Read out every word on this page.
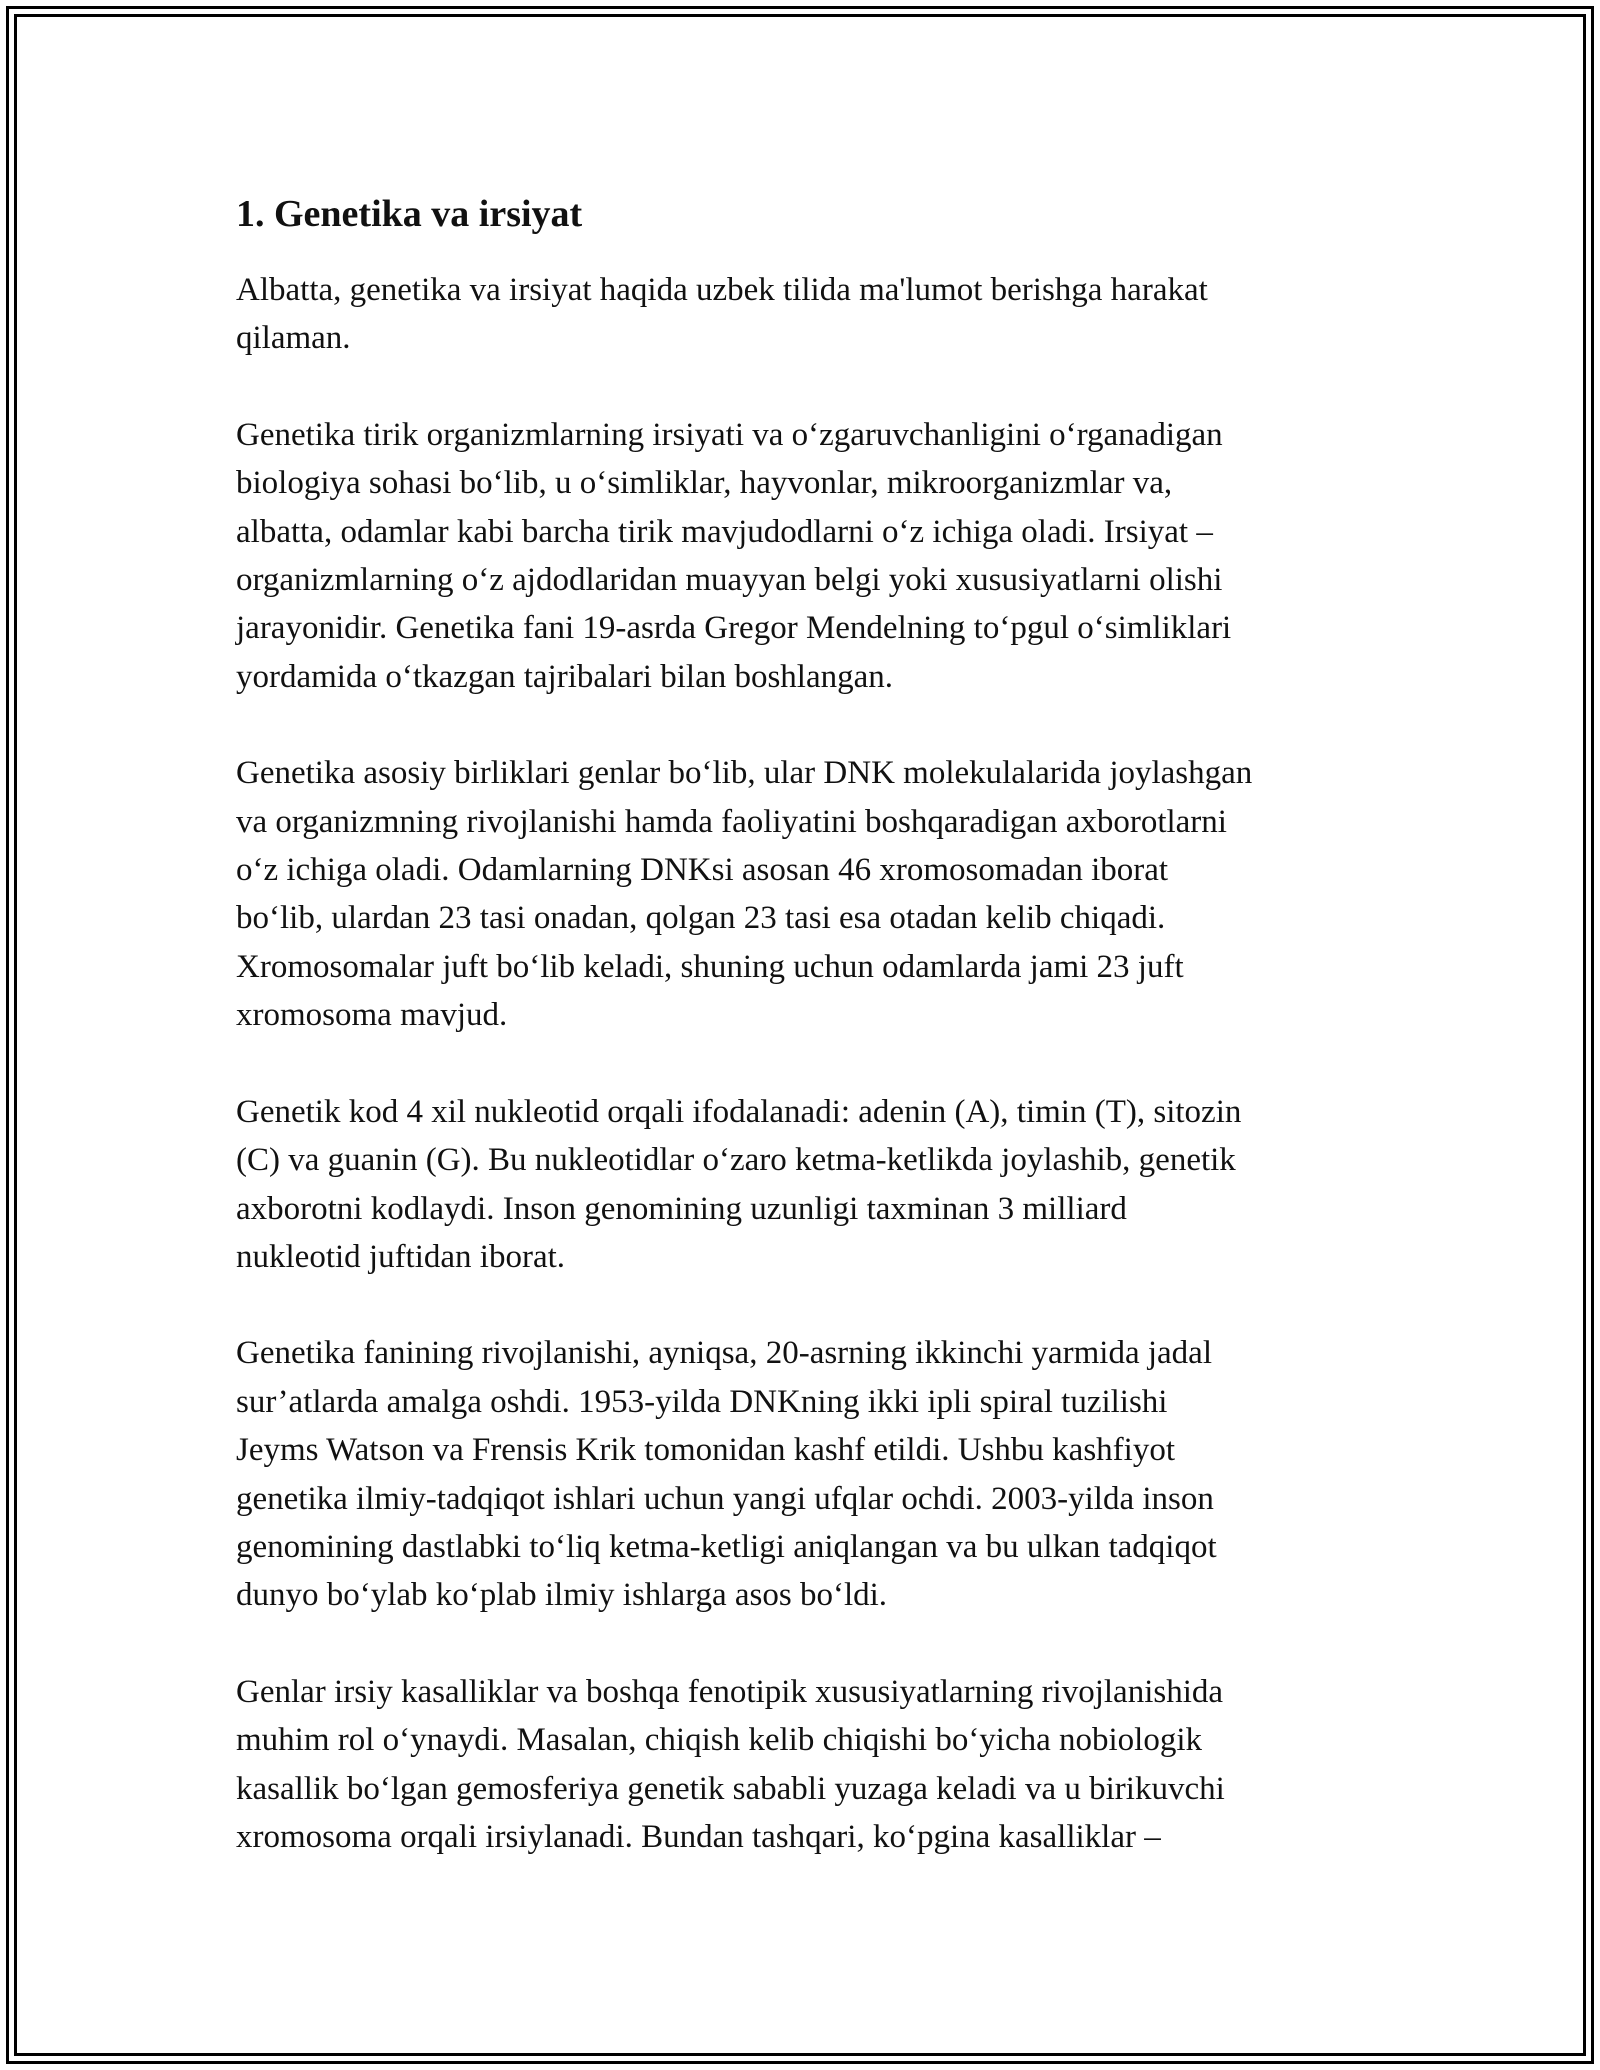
1. Genetika va irsiyat

Albatta, genetika va irsiyat haqida uzbek tilida ma'lumot berishga harakat
qilaman.

Genetika tirik organizmlarning irsiyati va o‘zgaruvchanligini o‘rganadigan
biologiya sohasi bo‘lib, u o‘simliklar, hayvonlar, mikroorganizmlar va,
albatta, odamlar kabi barcha tirik mavjudodlarni o‘z ichiga oladi. Irsiyat –
organizmlarning o‘z ajdodlaridan muayyan belgi yoki xususiyatlarni olishi
jarayonidir. Genetika fani 19-asrda Gregor Mendelning to‘pgul o‘simliklari
yordamida o‘tkazgan tajribalari bilan boshlangan.

Genetika asosiy birliklari genlar bo‘lib, ular DNK molekulalarida joylashgan
va organizmning rivojlanishi hamda faoliyatini boshqaradigan axborotlarni
o‘z ichiga oladi. Odamlarning DNKsi asosan 46 xromosomadan iborat
bo‘lib, ulardan 23 tasi onadan, qolgan 23 tasi esa otadan kelib chiqadi.
Xromosomalar juft bo‘lib keladi, shuning uchun odamlarda jami 23 juft
xromosoma mavjud.

Genetik kod 4 xil nukleotid orqali ifodalanadi: adenin (A), timin (T), sitozin
(C) va guanin (G). Bu nukleotidlar o‘zaro ketma-ketlikda joylashib, genetik
axborotni kodlaydi. Inson genomining uzunligi taxminan 3 milliard
nukleotid juftidan iborat.

Genetika fanining rivojlanishi, ayniqsa, 20-asrning ikkinchi yarmida jadal
sur’atlarda amalga oshdi. 1953-yilda DNKning ikki ipli spiral tuzilishi
Jeyms Watson va Frensis Krik tomonidan kashf etildi. Ushbu kashfiyot
genetika ilmiy-tadqiqot ishlari uchun yangi ufqlar ochdi. 2003-yilda inson
genomining dastlabki to‘liq ketma-ketligi aniqlangan va bu ulkan tadqiqot
dunyo bo‘ylab ko‘plab ilmiy ishlarga asos bo‘ldi.

Genlar irsiy kasalliklar va boshqa fenotipik xususiyatlarning rivojlanishida
muhim rol o‘ynaydi. Masalan, chiqish kelib chiqishi bo‘yicha nobiologik
kasallik bo‘lgan gemosferiya genetik sababli yuzaga keladi va u birikuvchi
xromosoma orqali irsiylanadi. Bundan tashqari, ko‘pgina kasalliklar –
